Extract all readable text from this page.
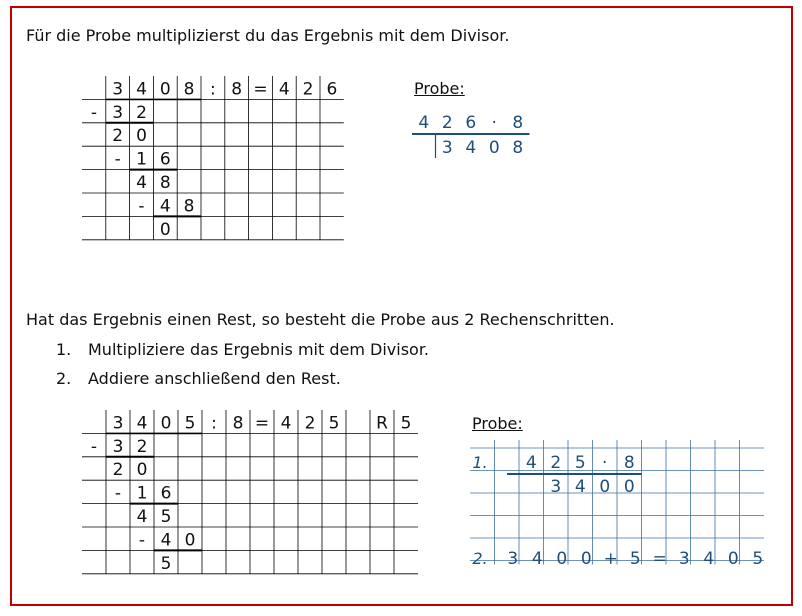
Für die Probe multiplizierst du das Ergebnis mit dem Divisor.
Hat das Ergebnis einen Rest, so besteht die Probe aus 2 Rechenschritten.
1. Multipliziere das Ergebnis mit dem Divisor.
2. Addiere anschließend den Rest.
Probe:
Probe:
3 4 0 8 : 8 = 4 2 6
- 3 2
2 0
- 1 6
4 8
- 4 8
0
4 2 6 · 8
3 4 0 8
3 4 0 5 : 8 = 4 2 5 R 5
- 3 2
2 0
- 1 6
4 5
- 4 0
5
1.
2.
4 2 5 · 8
3 4 0 0
3 4 0 0 + 5 = 3 4 0 5
